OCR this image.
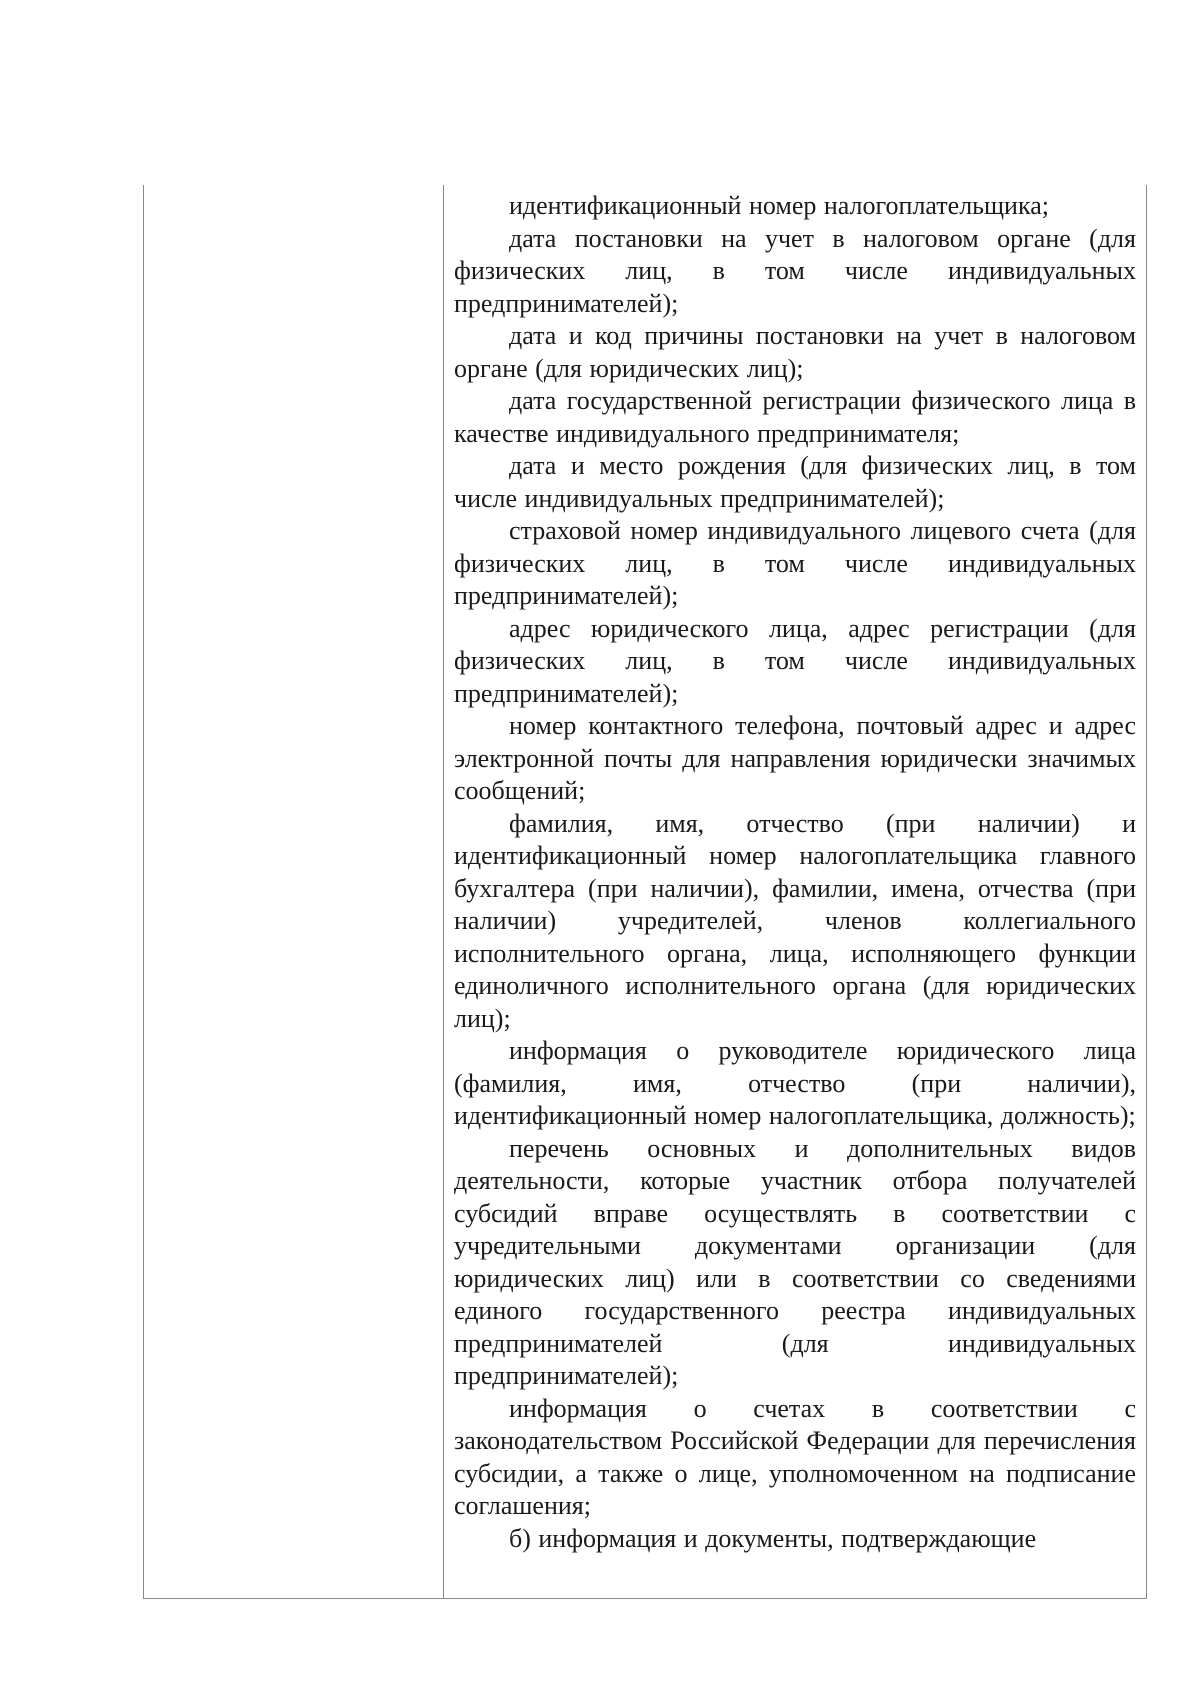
идентификационный номер налогоплательщика;

дата постановки на учет в налоговом органе (для физических лиц, в том числе индивидуальных предпринимателей);

дата и код причины постановки на учет в налоговом органе (для юридических лиц);

дата государственной регистрации физического лица в качестве индивидуального предпринимателя;

дата и место рождения (для физических лиц, в том числе индивидуальных предпринимателей);

страховой номер индивидуального лицевого счета (для физических лиц, в том числе индивидуальных предпринимателей);

адрес юридического лица, адрес регистрации (для физических лиц, в том числе индивидуальных предпринимателей);

номер контактного телефона, почтовый адрес и адрес электронной почты для направления юридически значимых сообщений;

фамилия, имя, отчество (при наличии) и идентификационный номер налогоплательщика главного бухгалтера (при наличии), фамилии, имена, отчества (при наличии) учредителей, членов коллегиального исполнительного органа, лица, исполняющего функции единоличного исполнительного органа (для юридических лиц);

информация о руководителе юридического лица (фамилия, имя, отчество (при наличии), идентификационный номер налогоплательщика, должность);

перечень основных и дополнительных видов деятельности, которые участник отбора получателей субсидий вправе осуществлять в соответствии с учредительными документами организации (для юридических лиц) или в соответствии со сведениями единого государственного реестра индивидуальных предпринимателей (для индивидуальных предпринимателей);

информация о счетах в соответствии с законодательством Российской Федерации для перечисления субсидии, а также о лице, уполномоченном на подписание соглашения;

б) информация и документы, подтверждающие
